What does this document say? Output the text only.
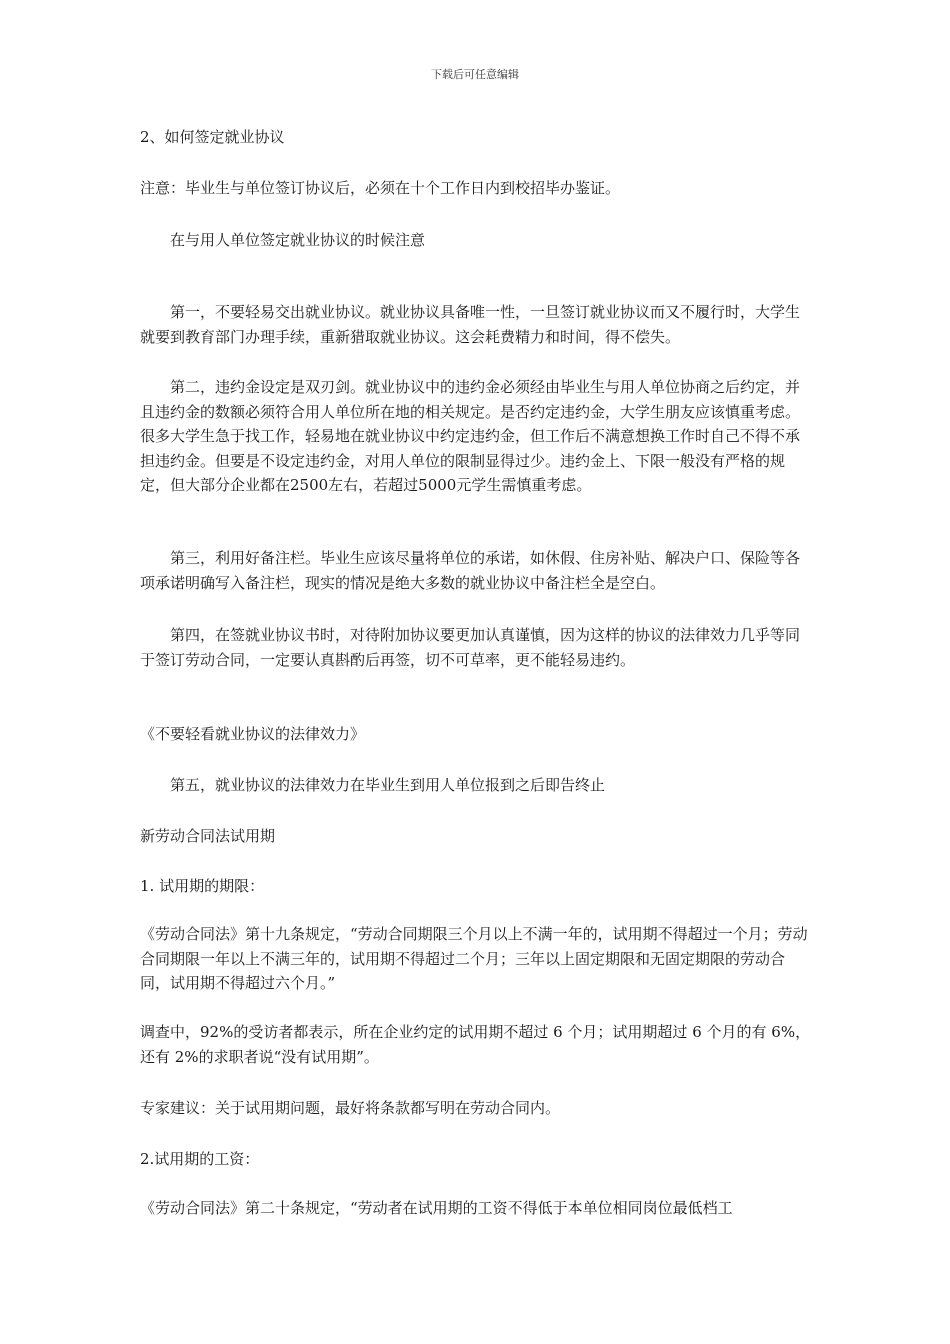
下载后可任意编辑

2、如何签定就业协议

注意：毕业生与单位签订协议后，必须在十个工作日内到校招毕办鉴证。

在与用人单位签定就业协议的时候注意

第一，不要轻易交出就业协议。就业协议具备唯一性，一旦签订就业协议而又不履行时，大学生就要到教育部门办理手续，重新猎取就业协议。这会耗费精力和时间，得不偿失。

第二，违约金设定是双刃剑。就业协议中的违约金必须经由毕业生与用人单位协商之后约定，并且违约金的数额必须符合用人单位所在地的相关规定。是否约定违约金，大学生朋友应该慎重考虑。很多大学生急于找工作，轻易地在就业协议中约定违约金，但工作后不满意想换工作时自己不得不承担违约金。但要是不设定违约金，对用人单位的限制显得过少。违约金上、下限一般没有严格的规定，但大部分企业都在2500左右，若超过5000元学生需慎重考虑。

第三，利用好备注栏。毕业生应该尽量将单位的承诺，如休假、住房补贴、解决户口、保险等各项承诺明确写入备注栏，现实的情况是绝大多数的就业协议中备注栏全是空白。

第四，在签就业协议书时，对待附加协议要更加认真谨慎，因为这样的协议的法律效力几乎等同于签订劳动合同，一定要认真斟酌后再签，切不可草率，更不能轻易违约。

《不要轻看就业协议的法律效力》

第五，就业协议的法律效力在毕业生到用人单位报到之后即告终止

新劳动合同法试用期

1. 试用期的期限：

《劳动合同法》第十九条规定，“劳动合同期限三个月以上不满一年的，试用期不得超过一个月；劳动合同期限一年以上不满三年的，试用期不得超过二个月；三年以上固定期限和无固定期限的劳动合同，试用期不得超过六个月。”

调查中，92%的受访者都表示，所在企业约定的试用期不超过 6 个月；试用期超过 6 个月的有 6%，还有 2%的求职者说“没有试用期”。

专家建议：关于试用期问题，最好将条款都写明在劳动合同内。

2.试用期的工资：

《劳动合同法》第二十条规定，“劳动者在试用期的工资不得低于本单位相同岗位最低档工
